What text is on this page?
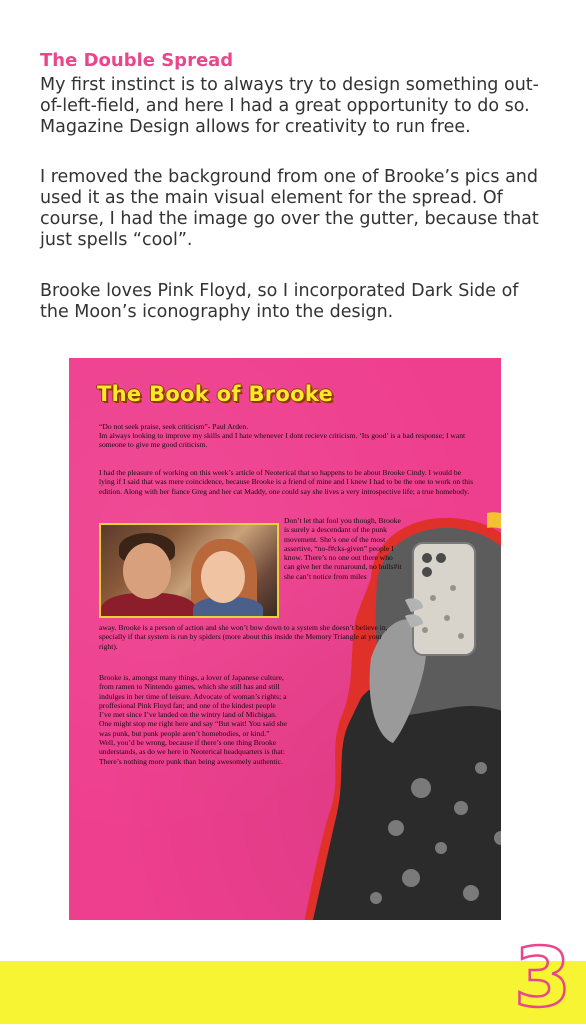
The Double Spread

My first instinct is to always try to design something out-of-left-field, and here I had a great opportunity to do so. Magazine Design allows for creativity to run free.

I removed the background from one of Brooke’s pics and used it as the main visual element for the spread. Of course, I had the image go over the gutter, because that just spells “cool”.

Brooke loves Pink Floyd, so I incorporated Dark Side of the Moon’s iconography into the design.

The Book of Brooke

“Do not seek praise, seek criticism”- Paul Arden.

Im always looking to improve my skills and I hate whenever I dont recieve criticism. ‘Its good’ is a bad response; I want someone to give me good criticism.

I had the pleasure of working on this week’s article of Neoterical that so happens to be about Brooke Cindy. I would be lying if I said that was mere coincidence, because Brooke is a friend of mine and I knew I had to be the one to work on this edition. Along with her fiance Greg and her cat Maddy, one could say she lives a very introspective life; a true homebody.

Don’t let that fool you though, Brooke is surely a descendant of the punk movement. She’s one of the most assertive, “no-f#cks-given” people I know. There’s no one out there who can give her the runaround, no bulls#it she can’t notice from miles

away. Brooke is a person of action and she won’t bow down to a system she doesn’t believe in, specially if that system is run by spiders (more about this inside the Memory Triangle at your right).

Brooke is, amongst many things, a lover of Japanese culture, from ramen to Nintendo games, which she still has and still indulges in her time of leisure. Advocate of woman’s rights; a proffesional Pink Floyd fan; and one of the kindest people I’ve met since I’ve landed on the wintry land of Michigan. One might stop me right here and say “But wait! You said she was punk, but punk people aren’t homebodies, or kind.” Well, you’d be wrong, because if there’s one thing Brooke understands, as do we here in Neoterical headquarters is that: There’s nothing more punk than being awesomely authentic.

3
